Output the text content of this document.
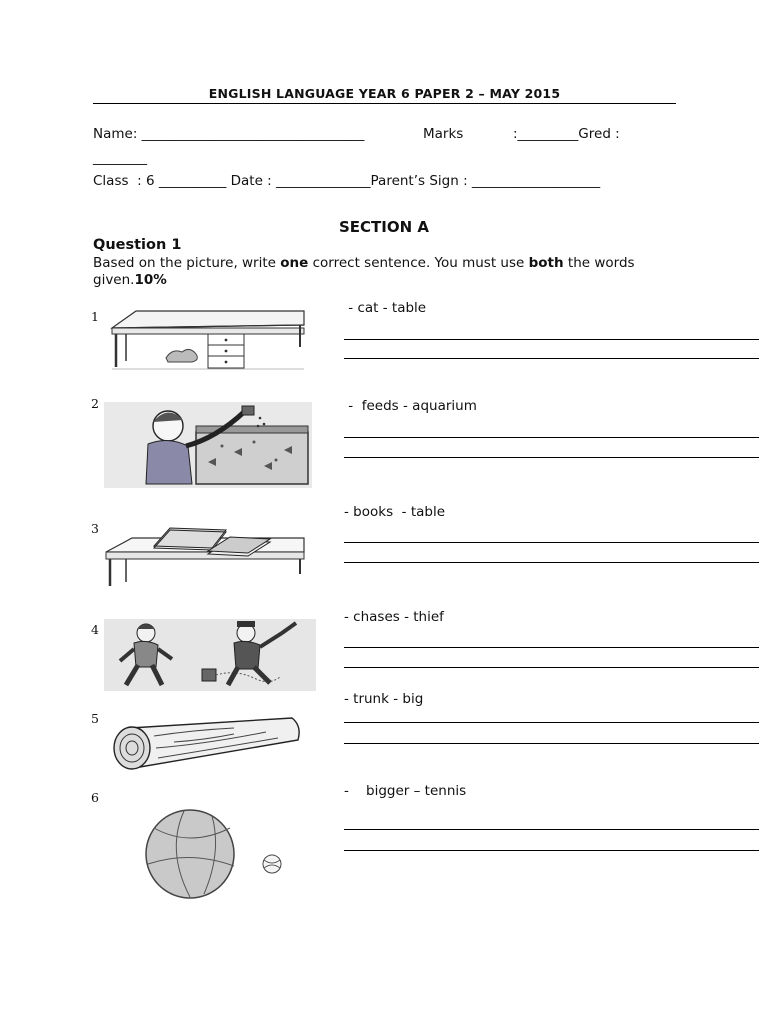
ENGLISH LANGUAGE YEAR 6 PAPER 2 – MAY 2015
Name: _________________________________	Marks	:_________Gred :
________
Class  : 6 __________ Date : ______________Parent’s Sign : ___________________
SECTION A
Question 1
Based on the picture, write one correct sentence. You must use both the words given.10%
1
- cat - table
2	-  feeds - aquarium
3
- books  - table
4
- chases - thief
5
- trunk - big
6	-    bigger – tennis
